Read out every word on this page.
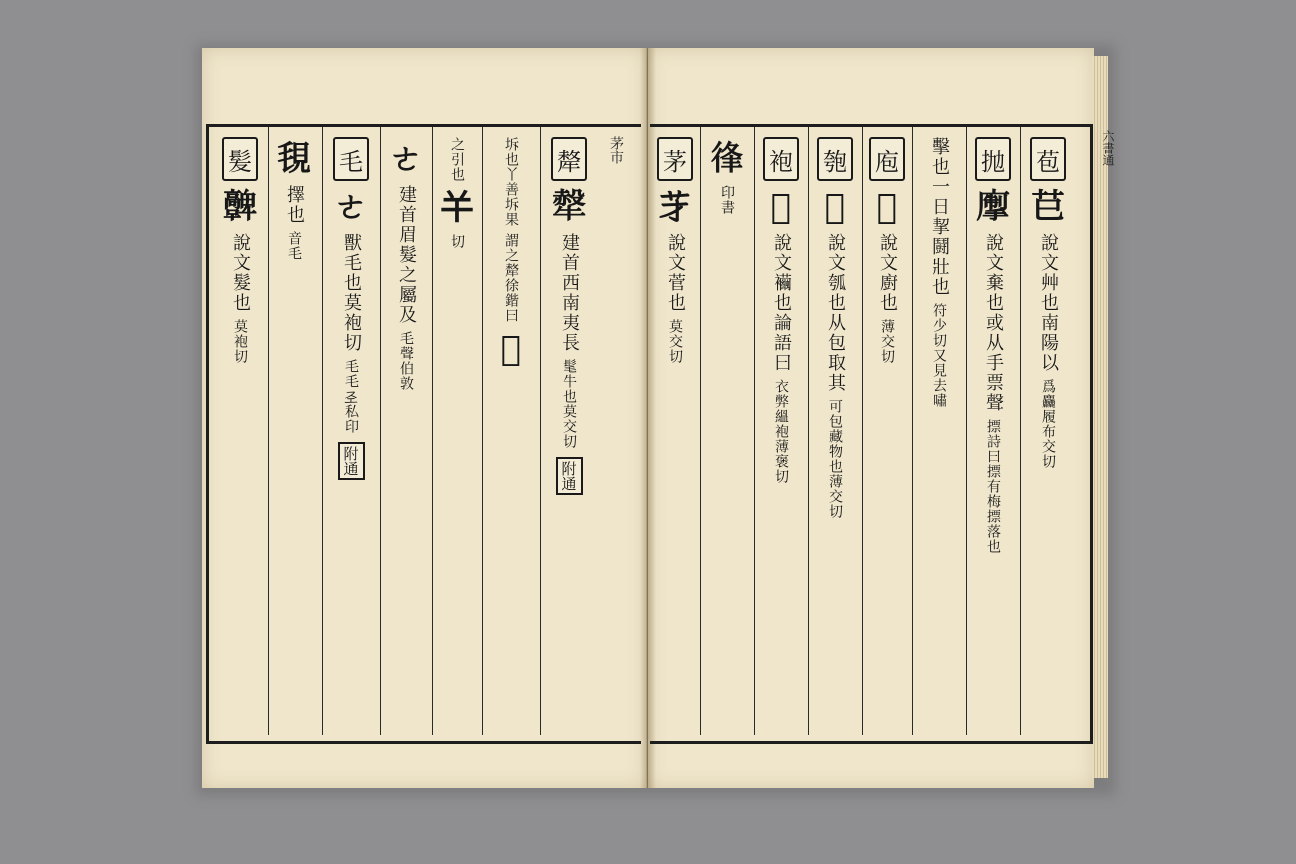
茅市	六書通
髪
𩫪
說文髮也
莫袍切
覒
擇也
音毛
毛
ㄜ
獸毛也莫袍切
毛毛𢀖私印
附通
ㄜ
建首眉髮之屬及
毛聲伯敦
之引也
𢆉
切
坼也丫善坼果
謂之犛徐鍇曰
𤘟
犛
𤛖
建首西南夷長
髦牛也莫交切
附通
茅
𦬁
說文菅也
莫交切
𢓱
印書
袍
𧙓
說文襺也論語曰
衣弊縕袍薄褒切
匏
𤓰
說文瓠也从包取其
可包藏物也薄交切
庖
𢈨
說文廚也
薄交切
擊也一日挈鬪壯也
符少切又見去嘯
抛
𢳅
說文棄也或从手票聲
摽詩曰摽有梅摽落也
苞
𦬊
說文艸也南陽以
爲麤履布交切
